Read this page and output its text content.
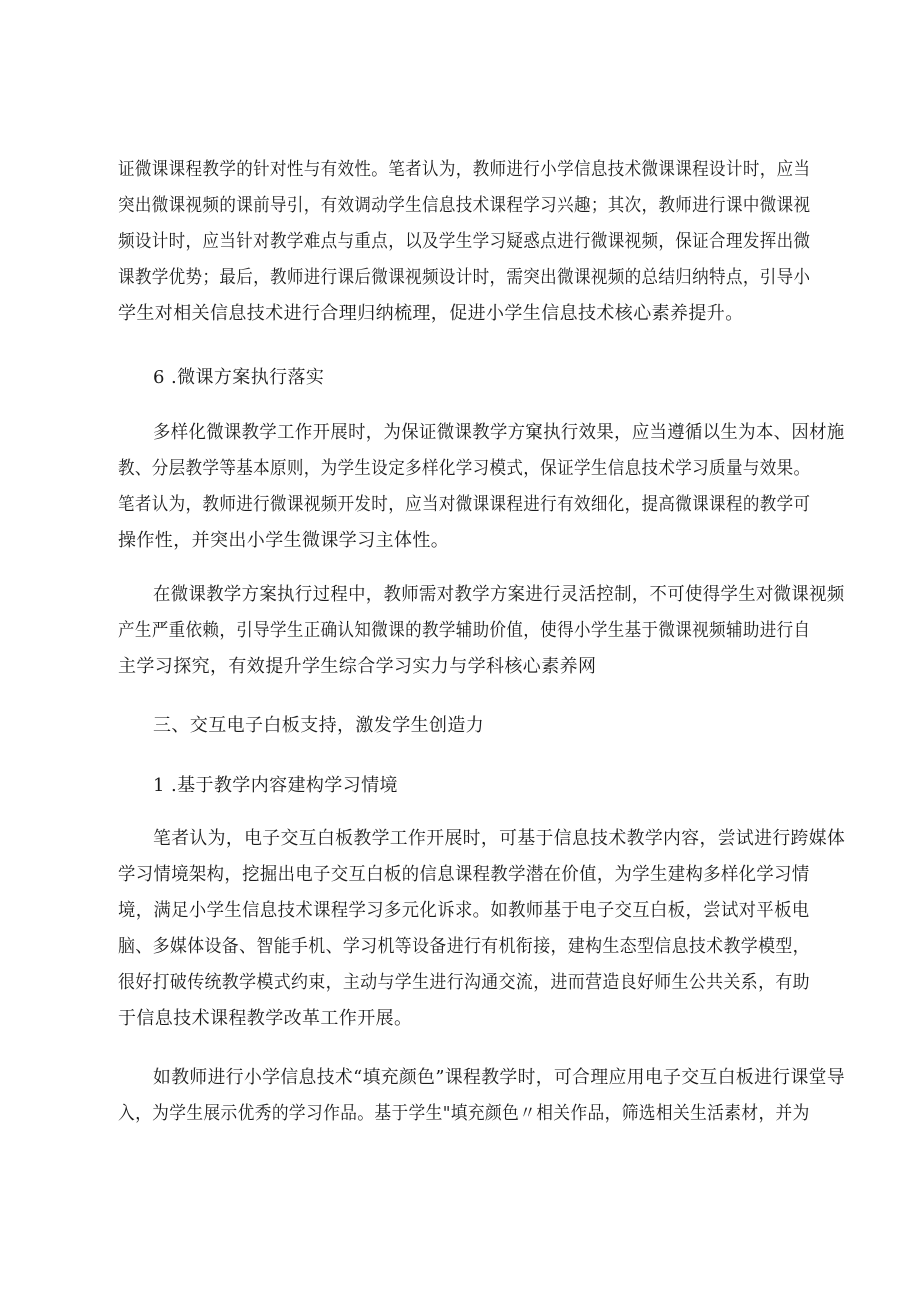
证微课课程教学的针对性与有效性。笔者认为，教师进行小学信息技术微课课程设计时，应当
突出微课视频的课前导引，有效调动学生信息技术课程学习兴趣；其次，教师进行课中微课视
频设计时，应当针对教学难点与重点，以及学生学习疑惑点进行微课视频，保证合理发挥出微
课教学优势；最后，教师进行课后微课视频设计时，需突出微课视频的总结归纳特点，引导小
学生对相关信息技术进行合理归纳梳理，促进小学生信息技术核心素养提升。
6 .微课方案执行落实
多样化微课教学工作开展时，为保证微课教学方窠执行效果，应当遵循以生为本、因材施
教、分层教学等基本原则，为学生设定多样化学习模式，保证学生信息技术学习质量与效果。
笔者认为，教师进行微课视频开发时，应当对微课课程进行有效细化，提高微课课程的教学可
操作性，并突出小学生微课学习主体性。
在微课教学方案执行过程中，教师需对教学方案进行灵活控制，不可使得学生对微课视频
产生严重依赖，引导学生正确认知微课的教学辅助价值，使得小学生基于微课视频辅助进行自
主学习探究，有效提升学生综合学习实力与学科核心素养网
三、交互电子白板支持，激发学生创造力
1 .基于教学内容建构学习情境
笔者认为，电子交互白板教学工作开展时，可基于信息技术教学内容，尝试进行跨媒体
学习情境架构，挖掘出电子交互白板的信息课程教学潜在价值，为学生建构多样化学习情
境，满足小学生信息技术课程学习多元化诉求。如教师基于电子交互白板，尝试对平板电
脑、多媒体设备、智能手机、学习机等设备进行有机衔接，建构生态型信息技术教学模型，
很好打破传统教学模式约束，主动与学生进行沟通交流，进而营造良好师生公共关系，有助
于信息技术课程教学改革工作开展。
如教师进行小学信息技术“填充颜色”课程教学时，可合理应用电子交互白板进行课堂导
入，为学生展示优秀的学习作品。基于学生"填充颜色〃相关作品，筛选相关生活素材，并为
